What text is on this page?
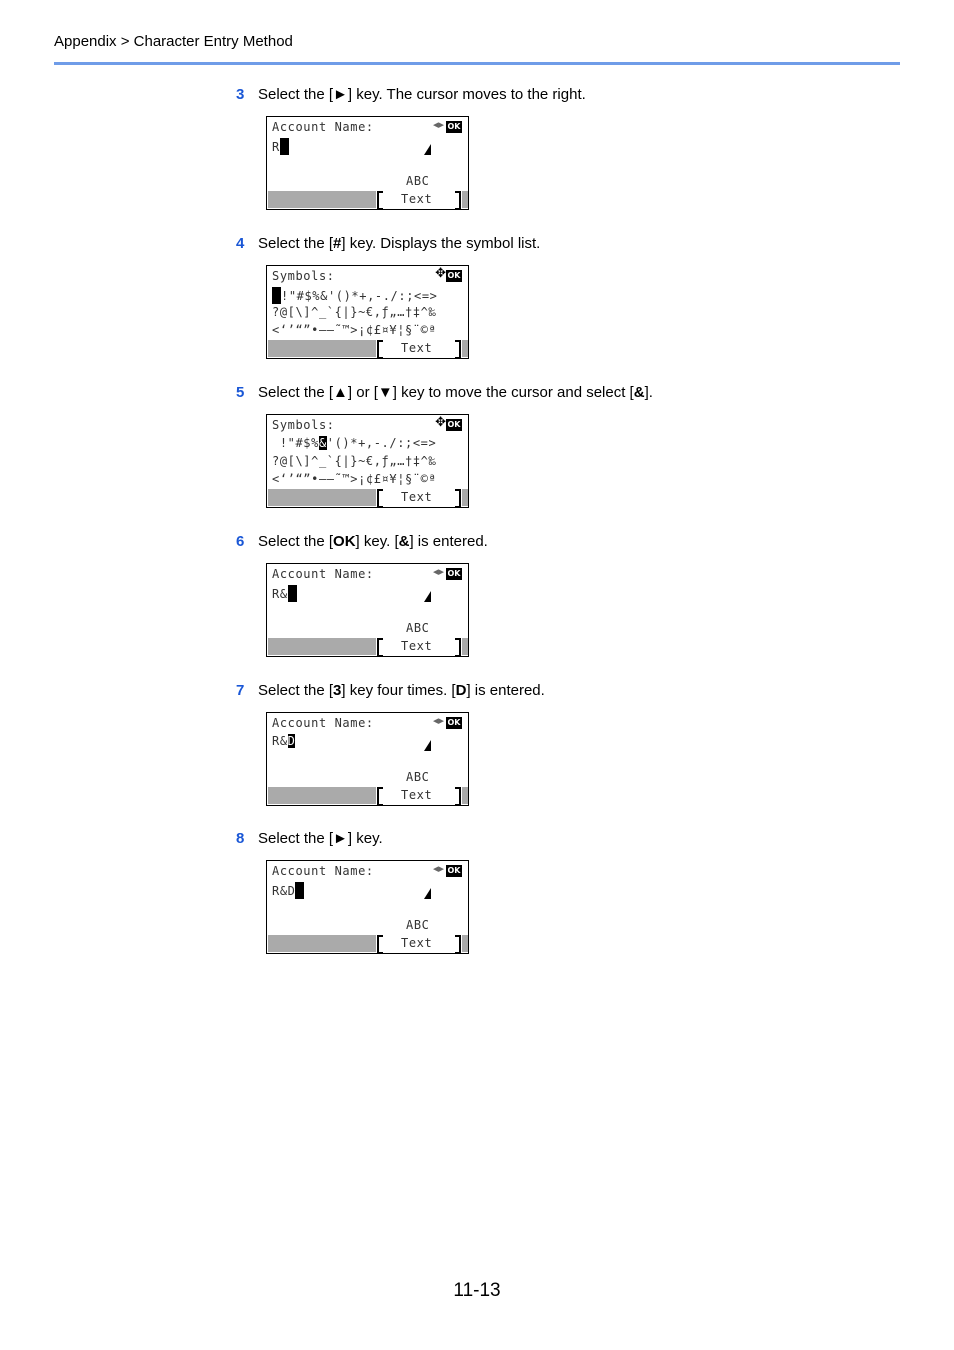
Appendix > Character Entry Method
3 Select the [►] key. The cursor moves to the right.
Account Name:	◂▸ OK
R
ABC
Text
4 Select the [#] key. Displays the symbol list.
Symbols:	✥ OK
!"#$%&'()*+,-./:;<=>
?@[\]^_`{|}~€,ƒ„…†‡^‰
<‘’“”•––˜™>¡¢£¤¥¦§¨©ª
Text
5 Select the [▲] or [▼] key to move the cursor and select [&].
Symbols:	✥ OK
!"#$%&'()*+,-./:;<=>
?@[\]^_`{|}~€,ƒ„…†‡^‰
<‘’“”•––˜™>¡¢£¤¥¦§¨©ª
Text
6 Select the [OK] key. [&] is entered.
Account Name:	◂▸ OK
R&
ABC
Text
7 Select the [3] key four times. [D] is entered.
Account Name:	◂▸ OK
R&D
ABC
Text
8 Select the [►] key.
Account Name:	◂▸ OK
R&D
ABC
Text
11-13
